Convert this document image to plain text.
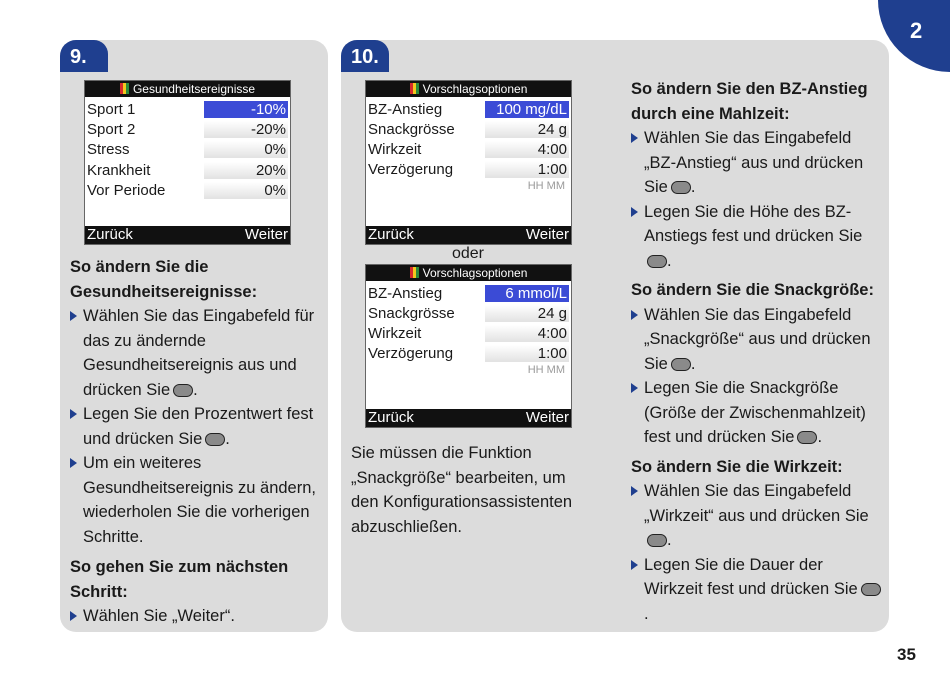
2
9.	10.
Gesundheitsereignisse
Sport 1	-10%
Sport 2	-20%
Stress	0%
Krankheit	20%
Vor Periode	0%
Zurück	Weiter
So ändern Sie die Gesundheitsereignisse:
Wählen Sie das Eingabefeld für das zu ändernde Gesundheitsereignis aus und drücken Sie .
Legen Sie den Prozentwert fest und drücken Sie .
Um ein weiteres Gesundheitsereignis zu ändern, wiederholen Sie die vorherigen Schritte.
So gehen Sie zum nächsten Schritt:
Wählen Sie „Weiter“.
Vorschlagsoptionen
BZ-Anstieg	100 mg/dL
Snackgrösse	24 g
Wirkzeit	4:00
Verzögerung	1:00
HH MM
Zurück	Weiter
oder
Vorschlagsoptionen
BZ-Anstieg	6 mmol/L
Snackgrösse	24 g
Wirkzeit	4:00
Verzögerung	1:00
HH MM
Zurück	Weiter
Sie müssen die Funktion „Snackgröße“ bearbeiten, um den Konfigurationsassistenten abzuschließen.
So ändern Sie den BZ-Anstieg durch eine Mahlzeit:
Wählen Sie das Eingabefeld „BZ-Anstieg“ aus und drücken Sie .
Legen Sie die Höhe des BZ-Anstiegs fest und drücken Sie.
So ändern Sie die Snackgröße:
Wählen Sie das Eingabefeld „Snackgröße“ aus und drücken Sie .
Legen Sie die Snackgröße (Größe der Zwischenmahlzeit) fest und drücken Sie .
So ändern Sie die Wirkzeit:
Wählen Sie das Eingabefeld „Wirkzeit“ aus und drücken Sie.
Legen Sie die Dauer der Wirkzeit fest und drücken Sie.
35
